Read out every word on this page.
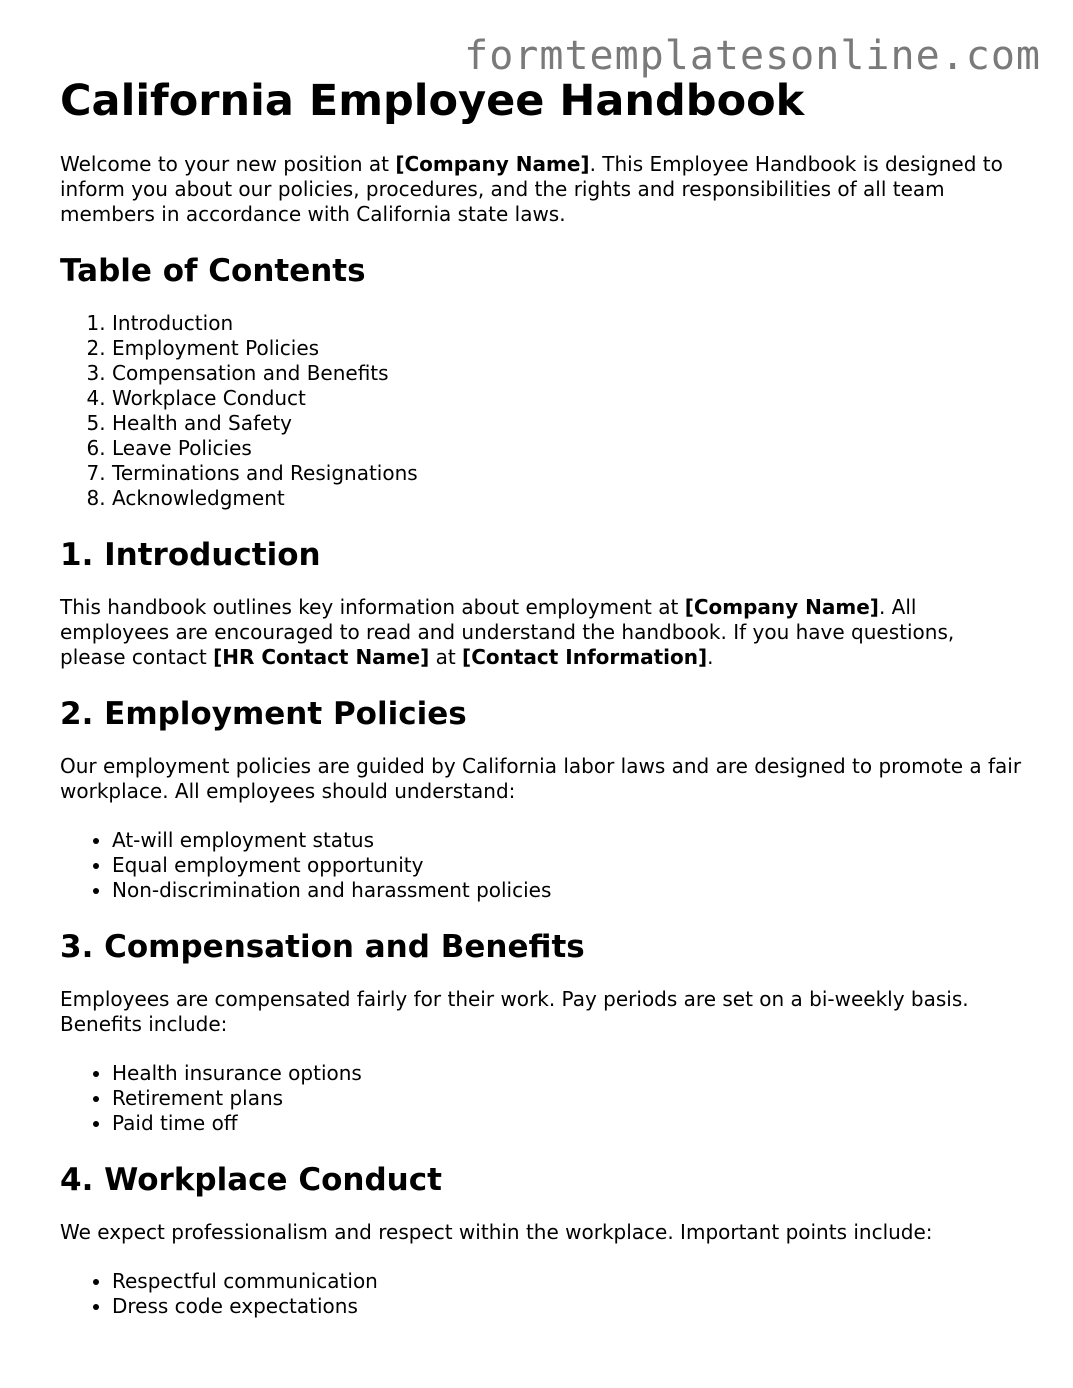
formtemplatesonline.com
California Employee Handbook

Welcome to your new position at [Company Name]. This Employee Handbook is designed to inform you about our policies, procedures, and the rights and responsibilities of all team members in accordance with California state laws.

Table of Contents
1. Introduction
2. Employment Policies
3. Compensation and Benefits
4. Workplace Conduct
5. Health and Safety
6. Leave Policies
7. Terminations and Resignations
8. Acknowledgment
1. Introduction

This handbook outlines key information about employment at [Company Name]. All employees are encouraged to read and understand the handbook. If you have questions, please contact [HR Contact Name] at [Contact Information].

2. Employment Policies

Our employment policies are guided by California labor laws and are designed to promote a fair workplace. All employees should understand:

• At-will employment status
• Equal employment opportunity
• Non-discrimination and harassment policies
3. Compensation and Benefits

Employees are compensated fairly for their work. Pay periods are set on a bi-weekly basis. Benefits include:

• Health insurance options
• Retirement plans
• Paid time off
4. Workplace Conduct

We expect professionalism and respect within the workplace. Important points include:

• Respectful communication
• Dress code expectations
